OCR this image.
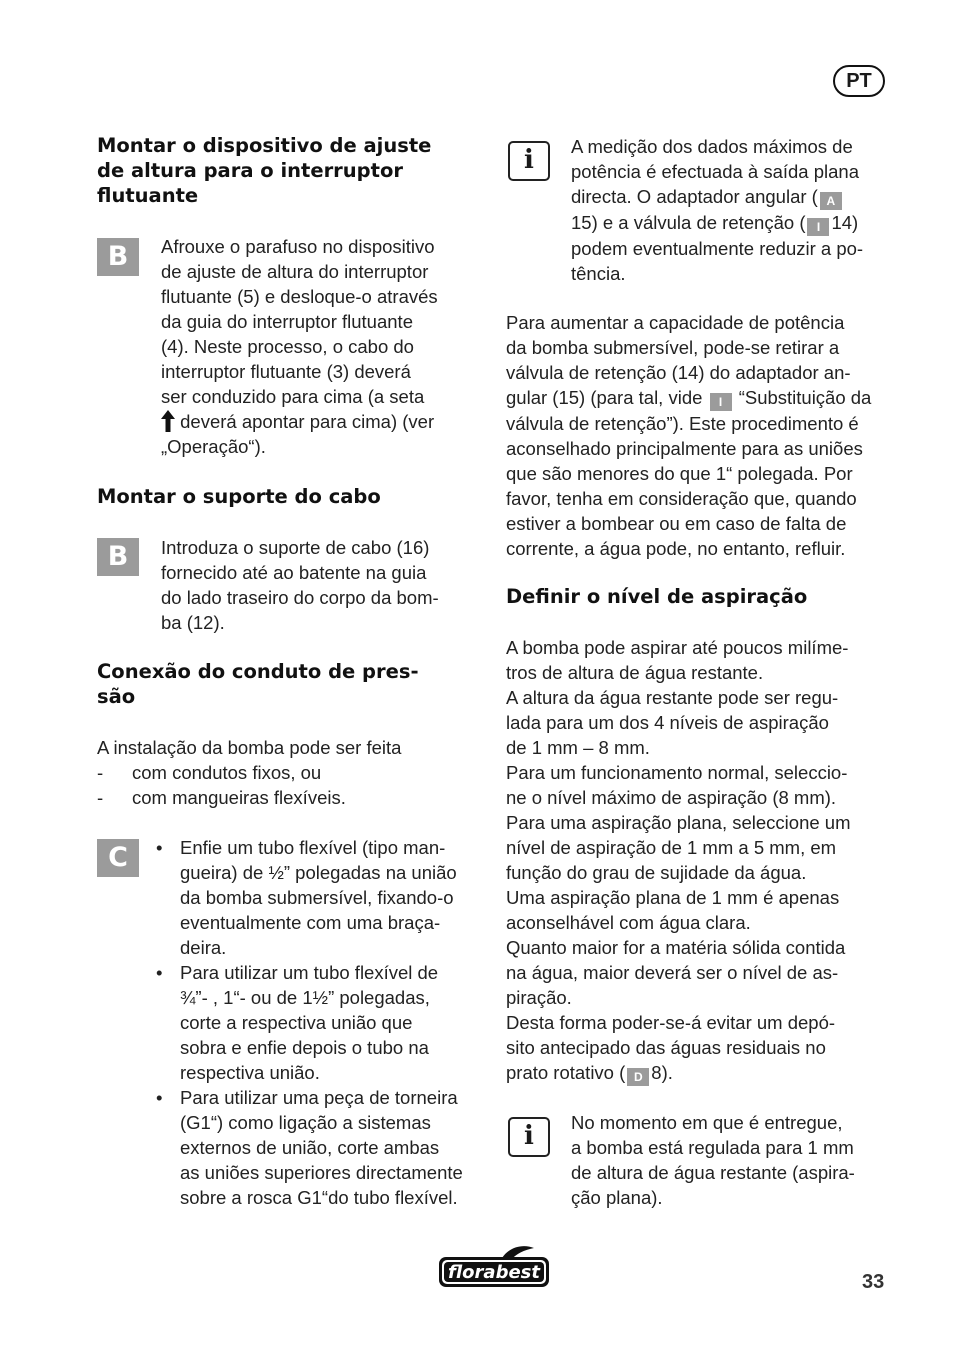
PT
Montar o dispositivo de ajuste
de altura para o interruptor
flutuante
B	Afrouxe o parafuso no dispositivo
de ajuste de altura do interruptor
flutuante (5) e desloque-o através
da guia do interruptor flutuante
(4). Neste processo, o cabo do
interruptor flutuante (3) deverá
ser conduzido para cima (a seta
deverá apontar para cima) (ver
„Operação“).
Montar o suporte do cabo
B	Introduza o suporte de cabo (16)
fornecido até ao batente na guia
do lado traseiro do corpo da bom-
ba (12).
Conexão do conduto de pres-
são
A instalação da bomba pode ser feita
- com condutos fixos, ou
- com mangueiras flexíveis.
C
•	Enfie um tubo flexível (tipo man-
gueira) de ½” polegadas na união
da bomba submersível, fixando-o
eventualmente com uma braça-
deira.
• Para utilizar um tubo flexível de
¾”- , 1“- ou de 1½” polegadas,
corte a respectiva união que
sobra e enfie depois o tubo na
respectiva união.
• Para utilizar uma peça de torneira
(G1“) como ligação a sistemas
externos de união, corte ambas
as uniões superiores directamente
sobre a rosca G1“do tubo flexível.
i	A medição dos dados máximos de
potência é efectuada à saída plana
directa. O adaptador angular ( A
15) e a válvula de retenção ( I 14)
podem eventualmente reduzir a po-
tência.
Para aumentar a capacidade de potência
da bomba submersível, pode-se retirar a
válvula de retenção (14) do adaptador an-
gular (15) (para tal, vide I “Substituição da
válvula de retenção”). Este procedimento é
aconselhado principalmente para as uniões
que são menores do que 1“ polegada. Por
favor, tenha em consideração que, quando
estiver a bombear ou em caso de falta de
corrente, a água pode, no entanto, refluir.
Definir o nível de aspiração
A bomba pode aspirar até poucos milíme-
tros de altura de água restante.
A altura da água restante pode ser regu-
lada para um dos 4 níveis de aspiração
de 1 mm – 8 mm.
Para um funcionamento normal, seleccio-
ne o nível máximo de aspiração (8 mm).
Para uma aspiração plana, seleccione um
nível de aspiração de 1 mm a 5 mm, em
função do grau de sujidade da água.
Uma aspiração plana de 1 mm é apenas
aconselhável com água clara.
Quanto maior for a matéria sólida contida
na água, maior deverá ser o nível de as-
piração.
Desta forma poder-se-á evitar um depó-
sito antecipado das águas residuais no
prato rotativo ( D 8).
i	No momento em que é entregue,
a bomba está regulada para 1 mm
de altura de água restante (aspira-
ção plana).
florabest	33
